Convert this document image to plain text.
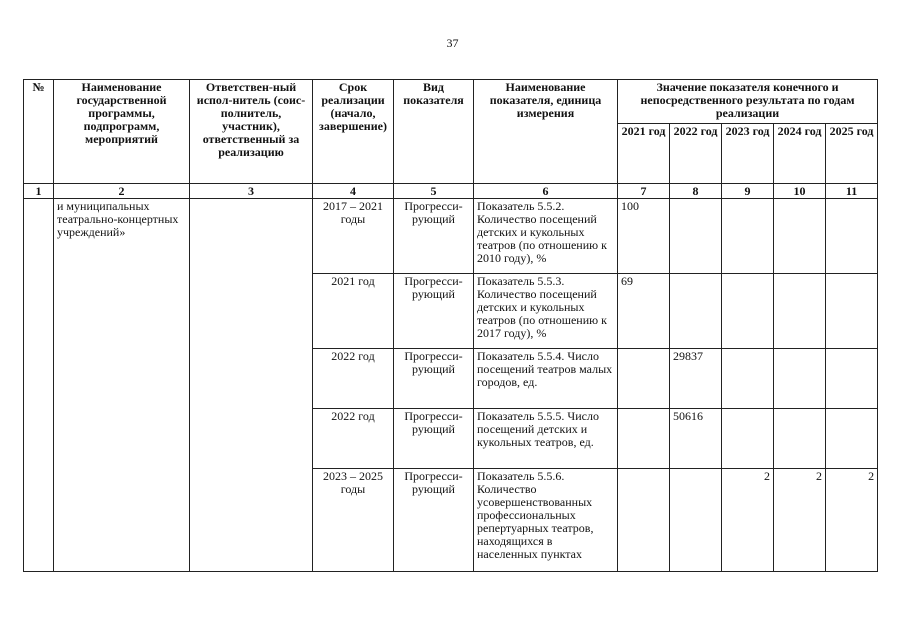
37
№	Наименование государственной программы, подпрограмм, мероприятий	Ответствен-ный испол-нитель (соис-полнитель, участник), ответственный за реализацию	Срок реализации (начало, завершение)	Вид показателя	Наименование показателя, единица измерения	Значение показателя конечного и непосредственного результата по годам реализации				
						2021 год	2022 год	2023 год	2024 год	2025 год
1	2	3	4	5	6	7	8	9	10	11
	и муниципальных театрально-концертных учреждений»		2017 – 2021 годы	Прогресси-рующий	Показатель 5.5.2. Количество посещений детских и кукольных театров (по отношению к 2010 году), %	100				
			2021 год	Прогресси-рующий	Показатель 5.5.3. Количество посещений детских и кукольных театров (по отношению к 2017 году), %	69				
			2022 год	Прогресси-рующий	Показатель 5.5.4. Число посещений театров малых городов, ед.		29837			
			2022 год	Прогресси-рующий	Показатель 5.5.5. Число посещений детских и кукольных театров, ед.		50616			
			2023 – 2025 годы	Прогресси-рующий	Показатель 5.5.6. Количество усовершенствованных профессиональных репертуарных театров, находящихся в населенных пунктах			2	2	2
